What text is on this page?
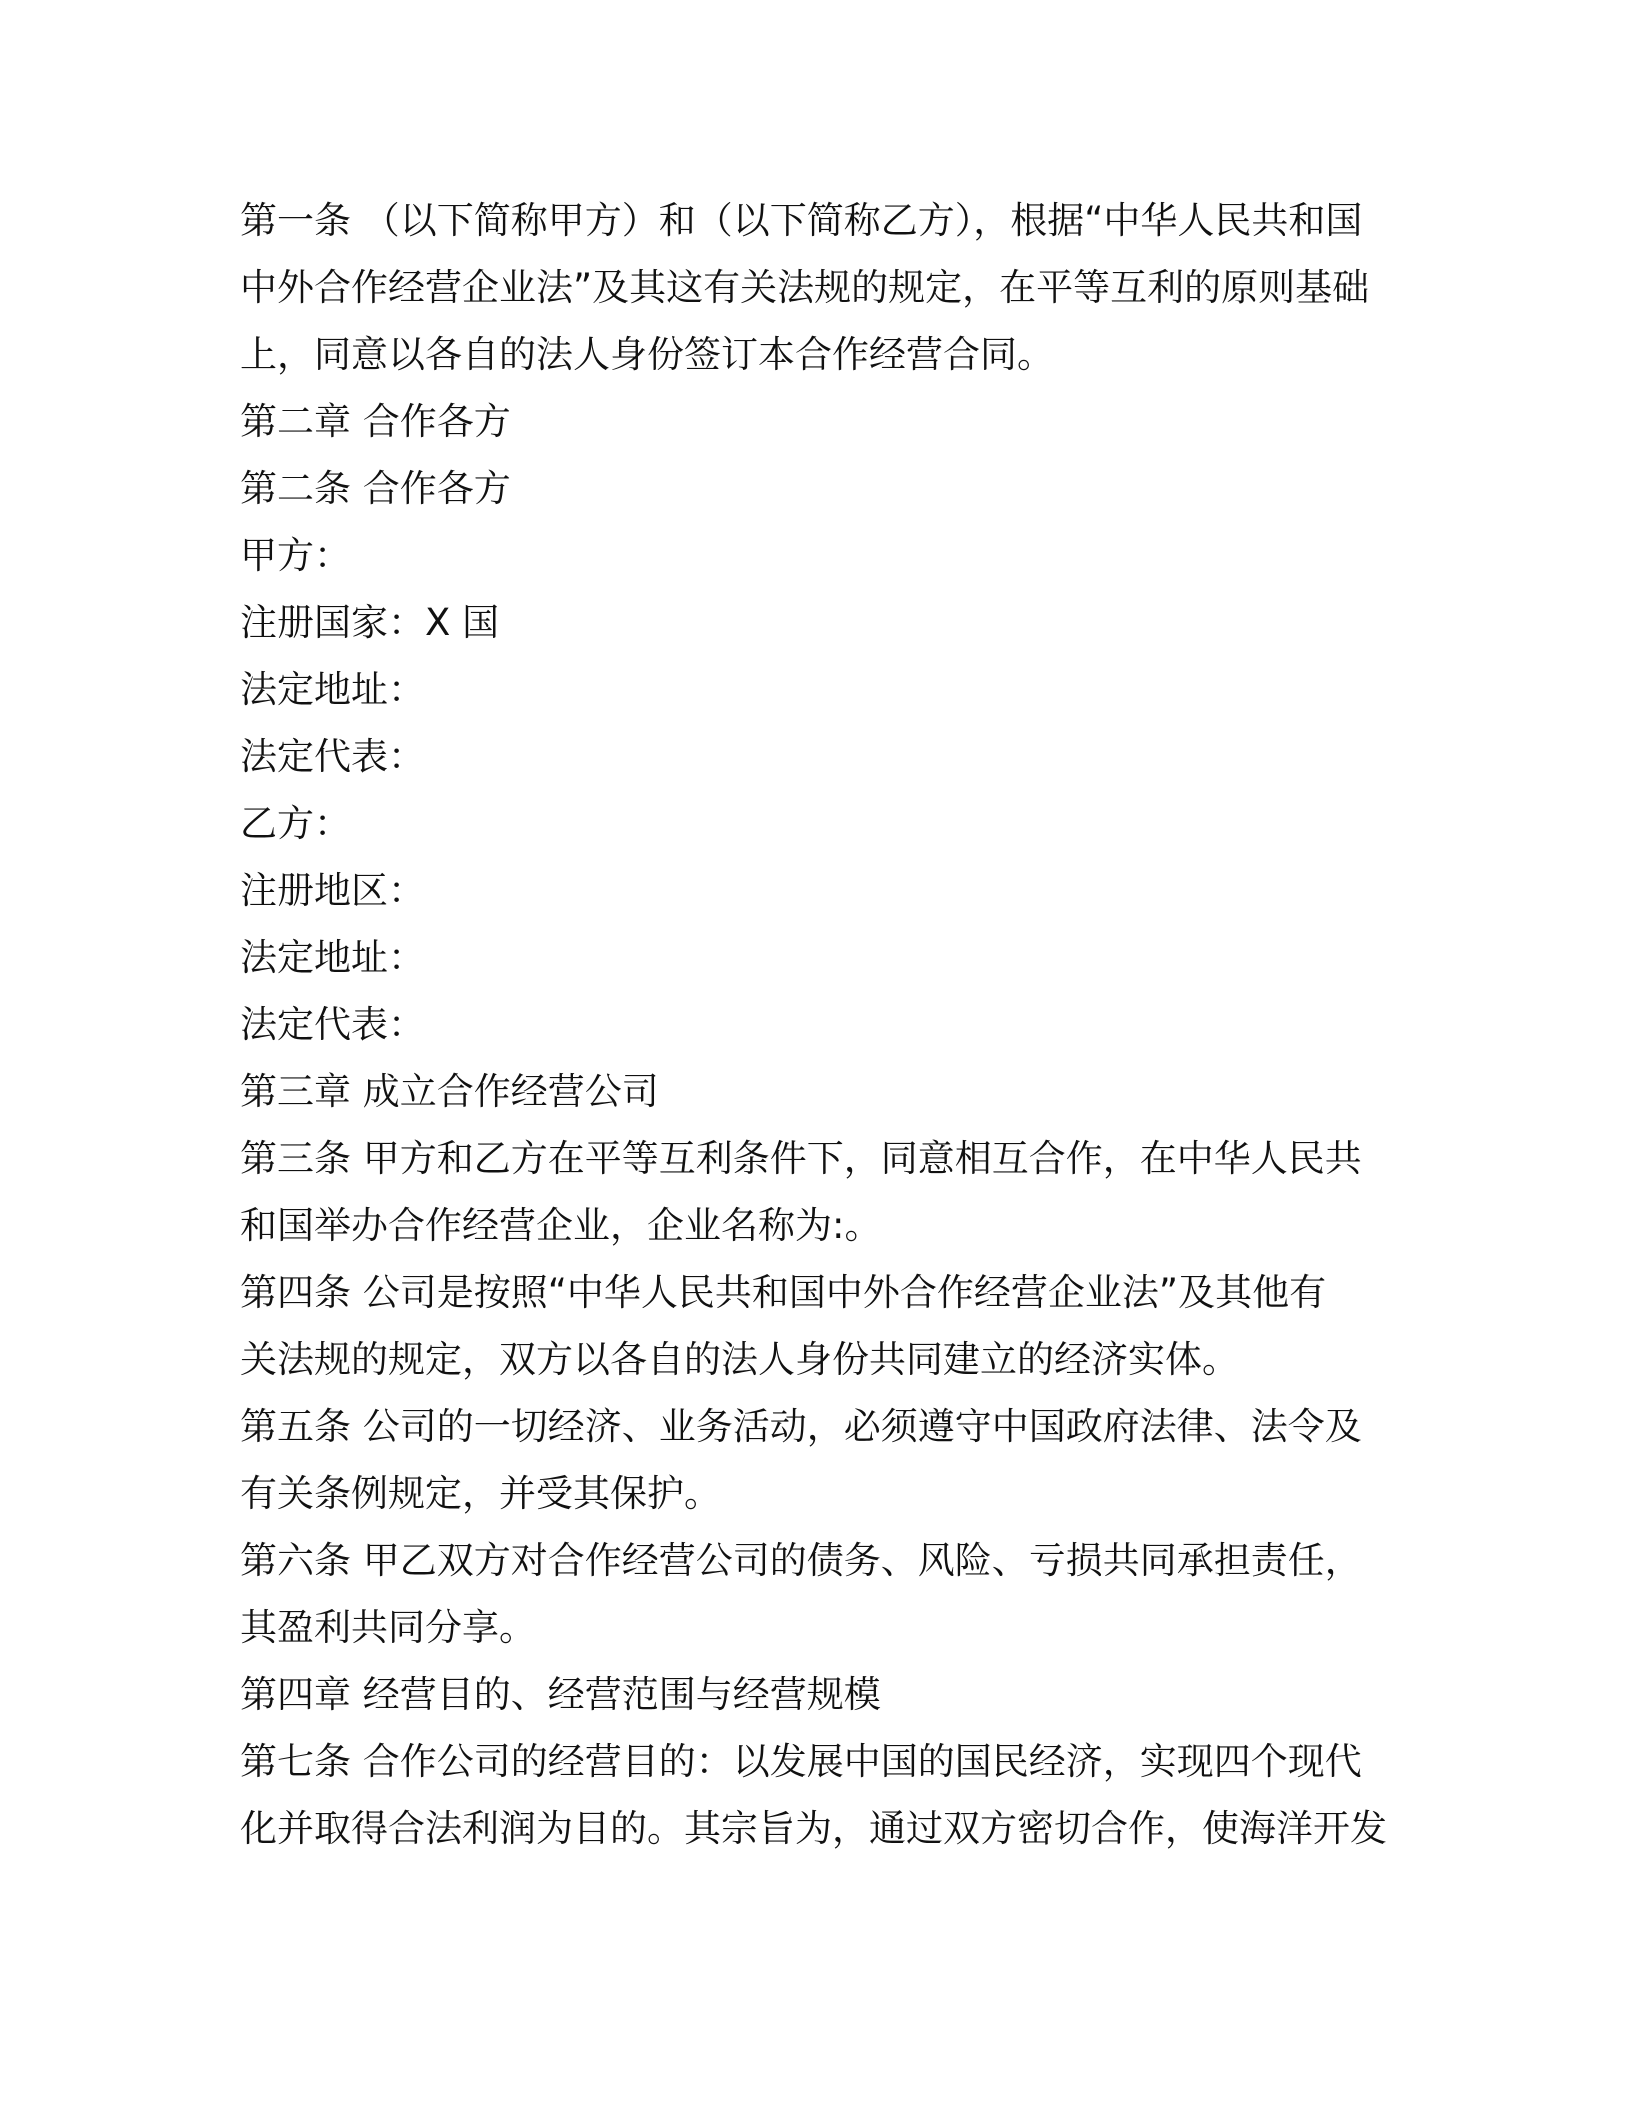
第一条 （以下简称甲方）和（以下简称乙方），根据“中华人民共和国
中外合作经营企业法”及其这有关法规的规定，在平等互利的原则基础
上，同意以各自的法人身份签订本合作经营合同。
第二章 合作各方
第二条 合作各方
甲方：
注册国家：X 国
法定地址：
法定代表：
乙方：
注册地区：
法定地址：
法定代表：
第三章 成立合作经营公司
第三条 甲方和乙方在平等互利条件下，同意相互合作，在中华人民共
和国举办合作经营企业，企业名称为:。
第四条 公司是按照“中华人民共和国中外合作经营企业法”及其他有
关法规的规定，双方以各自的法人身份共同建立的经济实体。
第五条 公司的一切经济、业务活动，必须遵守中国政府法律、法令及
有关条例规定，并受其保护。
第六条 甲乙双方对合作经营公司的债务、风险、亏损共同承担责任，
其盈利共同分享。
第四章 经营目的、经营范围与经营规模
第七条 合作公司的经营目的：以发展中国的国民经济，实现四个现代
化并取得合法利润为目的。其宗旨为，通过双方密切合作，使海洋开发
